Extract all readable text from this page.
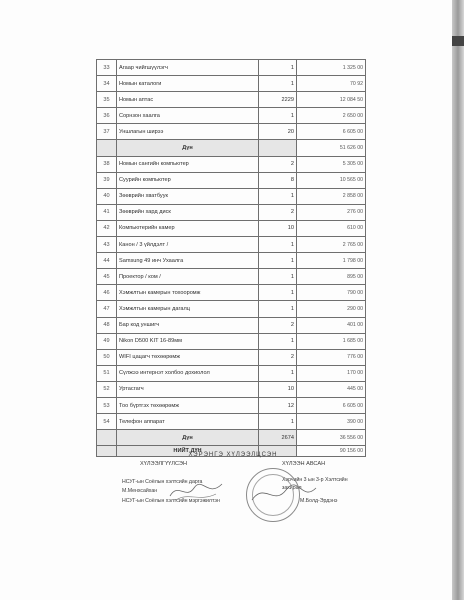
33	Агаар чийгшүүлэгч	1	1 325 00
34	Номын каталоги	1	70 92
35	Номын аптас	2229	12 084 50
36	Сорнзон хаалга	1	2 650 00
37	Уншлагын ширээ	20	6 605 00
	Дүн		51 626 00
38	Номын сангийн компьютер	2	5 305 00
39	Суурийн компьютер	8	10 565 00
40	Зөөврийн хватбуук	1	2 858 00
41	Зөөврийн хард диск	2	276 00
42	Компьютерийн камер	10	610 00
43	Канон / 3 үйлдэлт /	1	2 765 00
44	Samsung 49 инч Ухаалга	1	1 798 00
45	Проектор / ком /	1	895 00
46	Хэмжлтын камерын тохооромж	1	790 00
47	Хэмжлтын камерын дагалц	1	290 00
48	Бар код уншигч	2	401 00
49	Nikon D500 KIT 16-89мм	1	1 685 00
50	WIFI цацагч төхөөрөмж	2	776 00
51	Сүлжээ интернэт холбоо дохиолол	1	170 00
52	Уртасгагч	10	445 00
53	Тоо бүртгэх төхөөрөмж	12	6 605 00
54	Телефон аппарат	1	390 00
	Дүн	2674	36 556 00
	НИЙТ ДҮН		90 156 00
ХЭРЭНГЭ ХҮЛЭЭЛЦСЭН
ХҮЛЭЭЛГҮҮЛСЭН	ХҮЛЭЭН АВСАН
НСУГ-ын Соёлын хэлтсийн дарга
М.Менхсайхан
НСУГ-ын Соёлын хэлтсийн мэргэжилтэн
Хэрчийн 3 ын 3-р Хэлтсийн
захирал
М.Болд-Эрдэнэ
